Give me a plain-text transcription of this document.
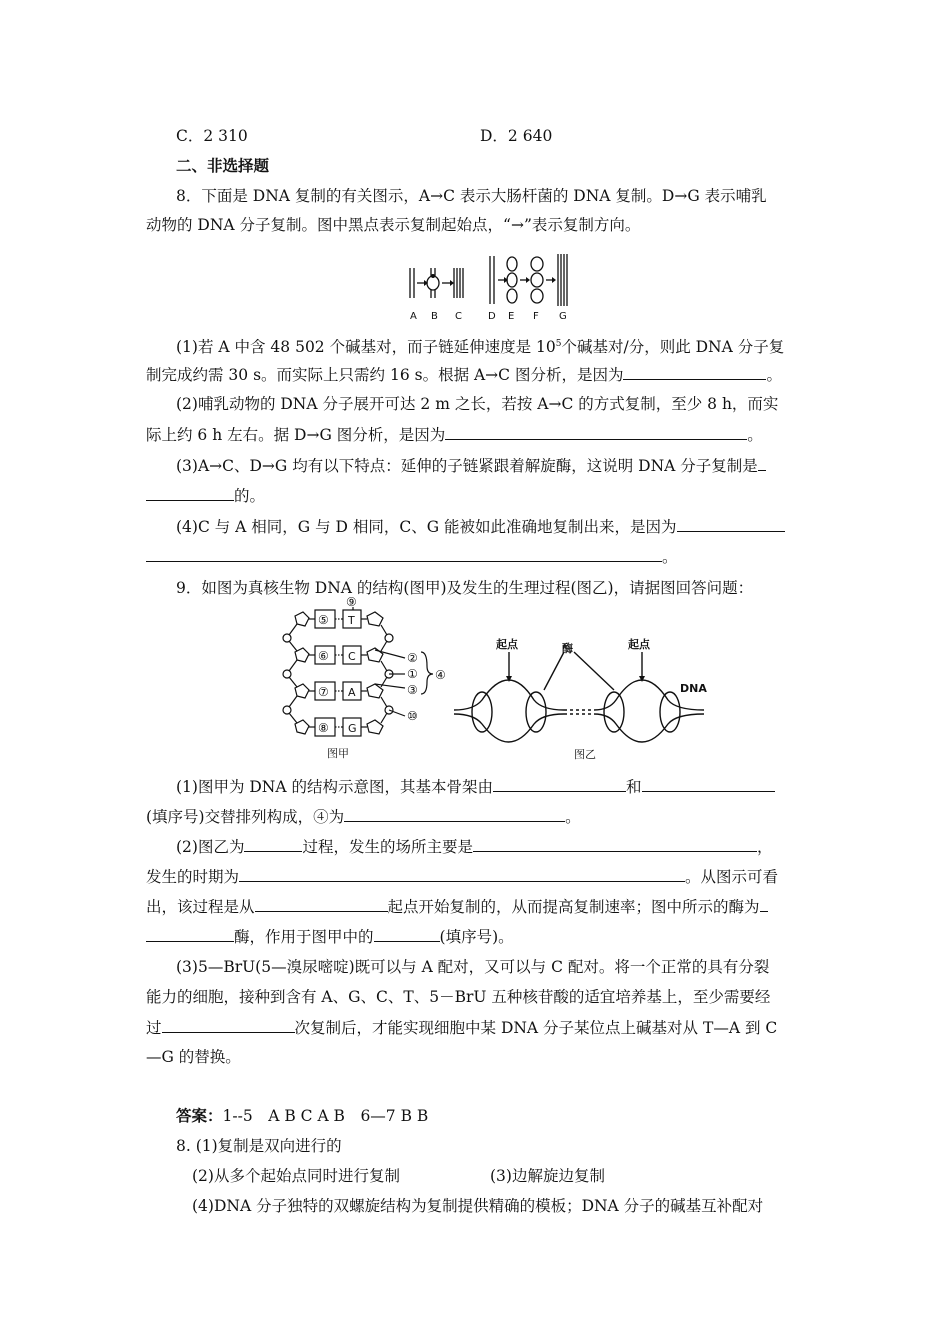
C．2 310	D．2 640
二、非选择题
8．下面是 DNA 复制的有关图示，A→C 表示大肠杆菌的 DNA 复制。D→G 表示哺乳
动物的 DNA 分子复制。图中黑点表示复制起始点，“→”表示复制方向。
A B C	D E F G
(1)若 A 中含 48 502 个碱基对，而子链延伸速度是 $10^5$个碱基对/分，则此 DNA 分子复
制完成约需 30 s。而实际上只需约 16 s。根据 A→C 图分析，是因为	。
(2)哺乳动物的 DNA 分子展开可达 2 m 之长，若按 A→C 的方式复制，至少 8 h，而实
际上约 6 h 左右。据 D→G 图分析，是因为	。
(3)A→C、D→G 均有以下特点：延伸的子链紧跟着解旋酶，这说明 DNA 分子复制是
的。
(4)C 与 A 相同，G 与 D 相同，C、G 能被如此准确地复制出来，是因为
。
9．如图为真核生物 DNA 的结构(图甲)及发生的生理过程(图乙)，请据图回答问题：
⑨
⑤
⑥
⑦
⑧
T
C
A
G
②
①
③
④
⑩
图甲
起点	酶	起点
DNA
图乙
(1)图甲为 DNA 的结构示意图，其基本骨架由	和
(填序号)交替排列构成，④为	。
(2)图乙为	过程，发生的场所主要是	，
发生的时期为	。从图示可看
出，该过程是从	起点开始复制的，从而提高复制速率；图中所示的酶为
酶，作用于图甲中的	(填序号)。
(3)5—BrU(5—溴尿嘧啶)既可以与 A 配对，又可以与 C 配对。将一个正常的具有分裂
能力的细胞，接种到含有 A、G、C、T、5－BrU 五种核苷酸的适宜培养基上，至少需要经
过	次复制后，才能实现细胞中某 DNA 分子某位点上碱基对从 T—A 到 C
—G 的替换。
答案：1--5　A B C A B　6—7 B B
8. (1)复制是双向进行的
(2)从多个起始点同时进行复制	(3)边解旋边复制
(4)DNA 分子独特的双螺旋结构为复制提供精确的模板；DNA 分子的碱基互补配对
